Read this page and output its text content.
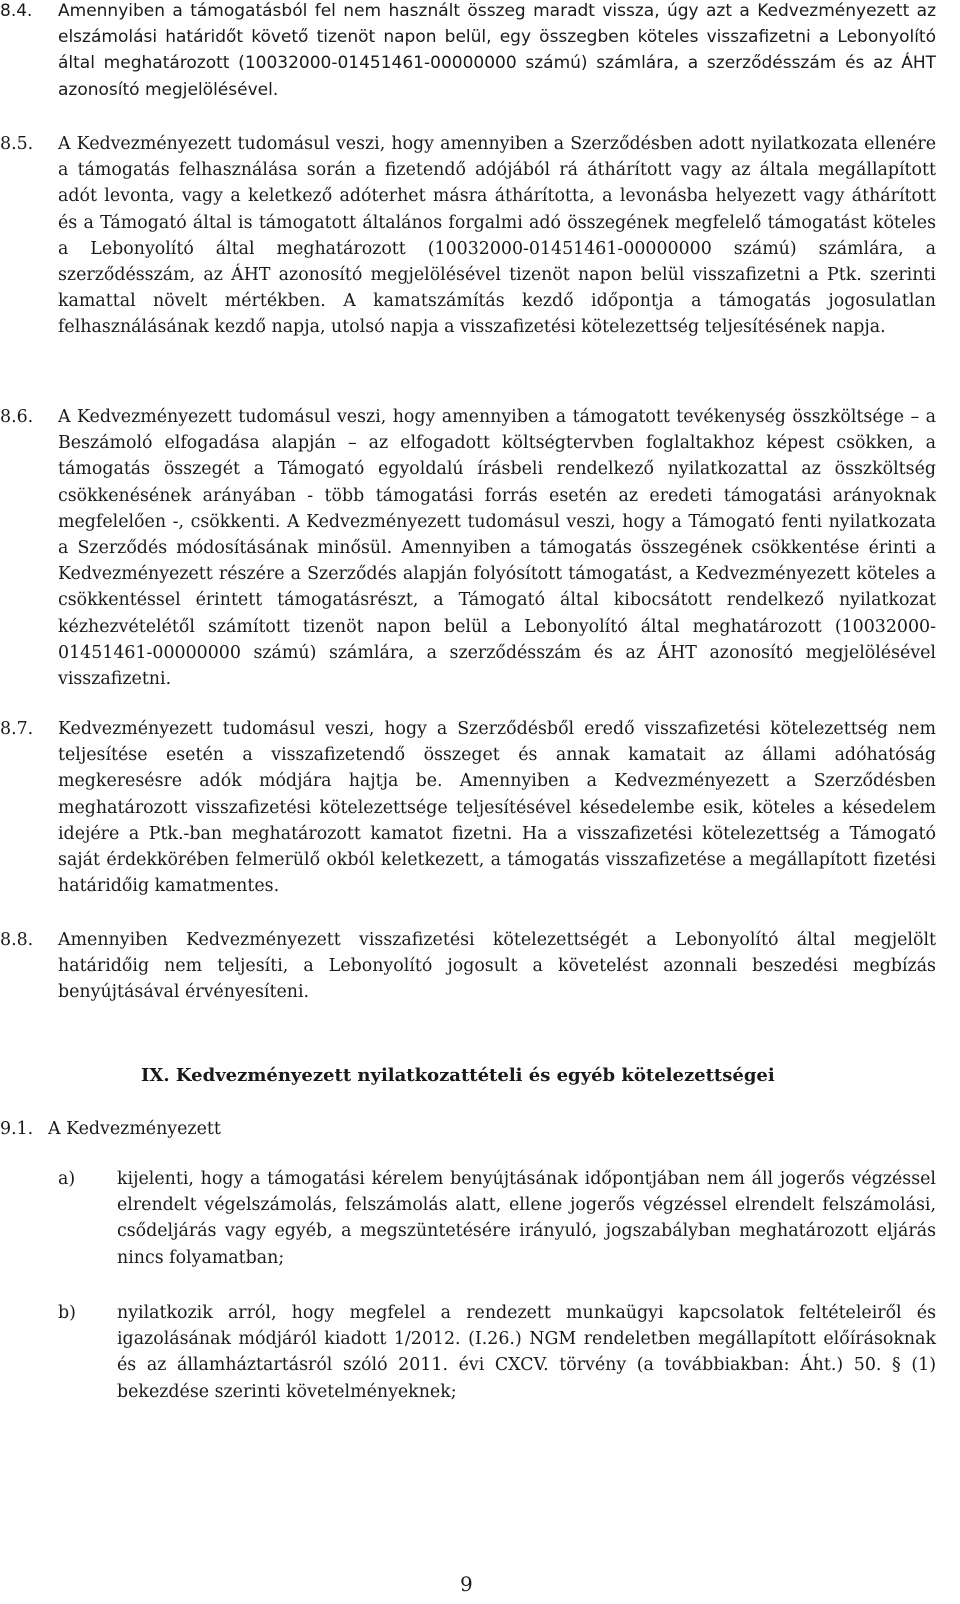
8.4. Amennyiben a támogatásból fel nem használt összeg maradt vissza, úgy azt a Kedvezményezett az elszámolási határidőt követő tizenöt napon belül, egy összegben köteles visszafizetni a Lebonyolító által meghatározott (10032000-01451461-00000000 számú) számlára, a szerződésszám és az ÁHT azonosító megjelölésével.
8.5. A Kedvezményezett tudomásul veszi, hogy amennyiben a Szerződésben adott nyilatkozata ellenére a támogatás felhasználása során a fizetendő adójából rá áthárított vagy az általa megállapított adót levonta, vagy a keletkező adóterhet másra áthárította, a levonásba helyezett vagy áthárított és a Támogató által is támogatott általános forgalmi adó összegének megfelelő támogatást köteles a Lebonyolító által meghatározott (10032000-01451461-00000000 számú) számlára, a szerződésszám, az ÁHT azonosító megjelölésével tizenöt napon belül visszafizetni a Ptk. szerinti kamattal növelt mértékben. A kamatszámítás kezdő időpontja a támogatás jogosulatlan felhasználásának kezdő napja, utolsó napja a visszafizetési kötelezettség teljesítésének napja.
8.6. A Kedvezményezett tudomásul veszi, hogy amennyiben a támogatott tevékenység összköltsége – a Beszámoló elfogadása alapján – az elfogadott költségtervben foglaltakhoz képest csökken, a támogatás összegét a Támogató egyoldalú írásbeli rendelkező nyilatkozattal az összköltség csökkenésének arányában - több támogatási forrás esetén az eredeti támogatási arányoknak megfelelően -, csökkenti. A Kedvezményezett tudomásul veszi, hogy a Támogató fenti nyilatkozata a Szerződés módosításának minősül. Amennyiben a támogatás összegének csökkentése érinti a Kedvezményezett részére a Szerződés alapján folyósított támogatást, a Kedvezményezett köteles a csökkentéssel érintett támogatásrészt, a Támogató által kibocsátott rendelkező nyilatkozat kézhezvételétől számított tizenöt napon belül a Lebonyolító által meghatározott (10032000-01451461-00000000 számú) számlára, a szerződésszám és az ÁHT azonosító megjelölésével visszafizetni.
8.7. Kedvezményezett tudomásul veszi, hogy a Szerződésből eredő visszafizetési kötelezettség nem teljesítése esetén a visszafizetendő összeget és annak kamatait az állami adóhatóság megkeresésre adók módjára hajtja be. Amennyiben a Kedvezményezett a Szerződésben meghatározott visszafizetési kötelezettsége teljesítésével késedelembe esik, köteles a késedelem idejére a Ptk.-ban meghatározott kamatot fizetni. Ha a visszafizetési kötelezettség a Támogató saját érdekkörében felmerülő okból keletkezett, a támogatás visszafizetése a megállapított fizetési határidőig kamatmentes.
8.8. Amennyiben Kedvezményezett visszafizetési kötelezettségét a Lebonyolító által megjelölt határidőig nem teljesíti, a Lebonyolító jogosult a követelést azonnali beszedési megbízás benyújtásával érvényesíteni.
IX. Kedvezményezett nyilatkozattételi és egyéb kötelezettségei
9.1. A Kedvezményezett
a) kijelenti, hogy a támogatási kérelem benyújtásának időpontjában nem áll jogerős végzéssel elrendelt végelszámolás, felszámolás alatt, ellene jogerős végzéssel elrendelt felszámolási, csődeljárás vagy egyéb, a megszüntetésére irányuló, jogszabályban meghatározott eljárás nincs folyamatban;
b) nyilatkozik arról, hogy megfelel a rendezett munkaügyi kapcsolatok feltételeiről és igazolásának módjáról kiadott 1/2012. (I.26.) NGM rendeletben megállapított előírásoknak és az államháztartásról szóló 2011. évi CXCV. törvény (a továbbiakban: Áht.) 50. § (1) bekezdése szerinti követelményeknek;
9
